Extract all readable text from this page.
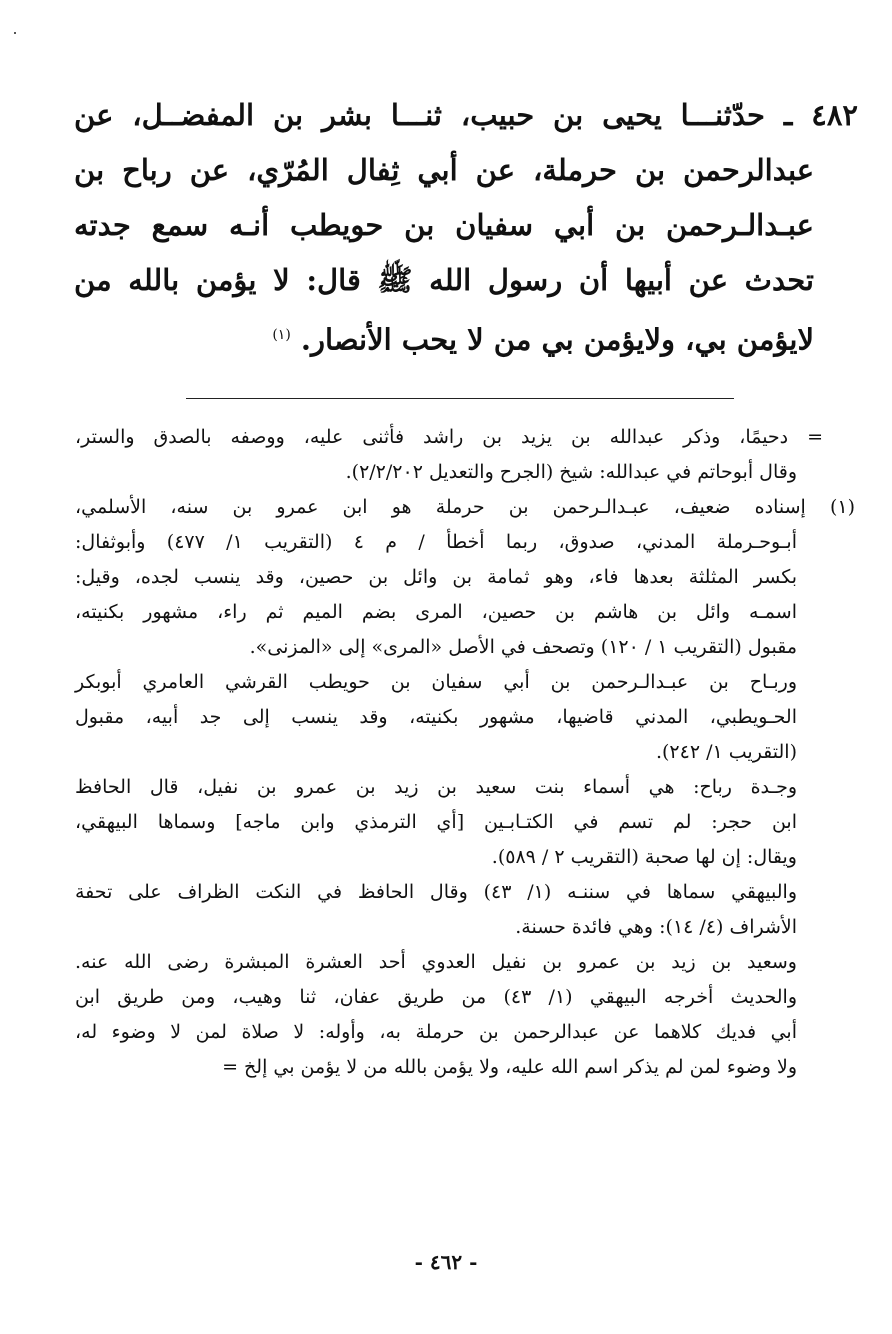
٤٨٢ ـ حدّثنـــا يحيى بن حبيب، ثنـــا بشر بن المفضــل، عن
عبدالرحمن بن حرملة، عن أبي ثِفال المُرّي، عن رباح بن
عبـدالـرحمن بن أبي سفيان بن حويطب أنـه سمع جدته
تحدث عن أبيها أن رسول الله ﷺ قال: لا يؤمن بالله من
لايؤمن بي، ولايؤمن بي من لا يحب الأنصار. $^{(١)}$
= دحيمًا، وذكر عبدالله بن يزيد بن راشد فأثنى عليه، ووصفه بالصدق والستر،
وقال أبوحاتم في عبدالله: شيخ (الجرح والتعديل ٢/٢/٢٠٢).
(١) إسناده ضعيف، عبـدالـرحمن بن حرملة هو ابن عمرو بن سنه، الأسلمي،
أبـوحـرملة المدني، صدوق، ربما أخطأ / م ٤ (التقريب ١/ ٤٧٧) وأبوثفال:
بكسر المثلثة بعدها فاء، وهو ثمامة بن وائل بن حصين، وقد ينسب لجده، وقيل:
اسمـه وائل بن هاشم بن حصين، المرى بضم الميم ثم راء، مشهور بكنيته،
مقبول (التقريب ١ / ١٢٠) وتصحف في الأصل «المرى» إلى «المزنى».
وربـاح بن عبـدالـرحمن بن أبي سفيان بن حويطب القرشي العامري أبوبكر
الحـويطبي، المدني قاضيها، مشهور بكنيته، وقد ينسب إلى جد أبيه، مقبول
(التقريب ١/ ٢٤٢).
وجـدة رباح: هي أسماء بنت سعيد بن زيد بن عمرو بن نفيل، قال الحافظ
ابن حجر: لم تسم في الكتـابـين [أي الترمذي وابن ماجه] وسماها البيهقي،
ويقال: إن لها صحبة (التقريب ٢ / ٥٨٩).
والبيهقي سماها في سننـه (١/ ٤٣) وقال الحافظ في النكت الظراف على تحفة
الأشراف (٤/ ١٤): وهي فائدة حسنة.
وسعيد بن زيد بن عمرو بن نفيل العدوي أحد العشرة المبشرة رضى الله عنه.
والحديث أخرجه البيهقي (١/ ٤٣) من طريق عفان، ثنا وهيب، ومن طريق ابن
أبي فديك كلاهما عن عبدالرحمن بن حرملة به، وأوله: لا صلاة لمن لا وضوء له،
ولا وضوء لمن لم يذكر اسم الله عليه، ولا يؤمن بالله من لا يؤمن بي إلخ =
- ٤٦٢ -
